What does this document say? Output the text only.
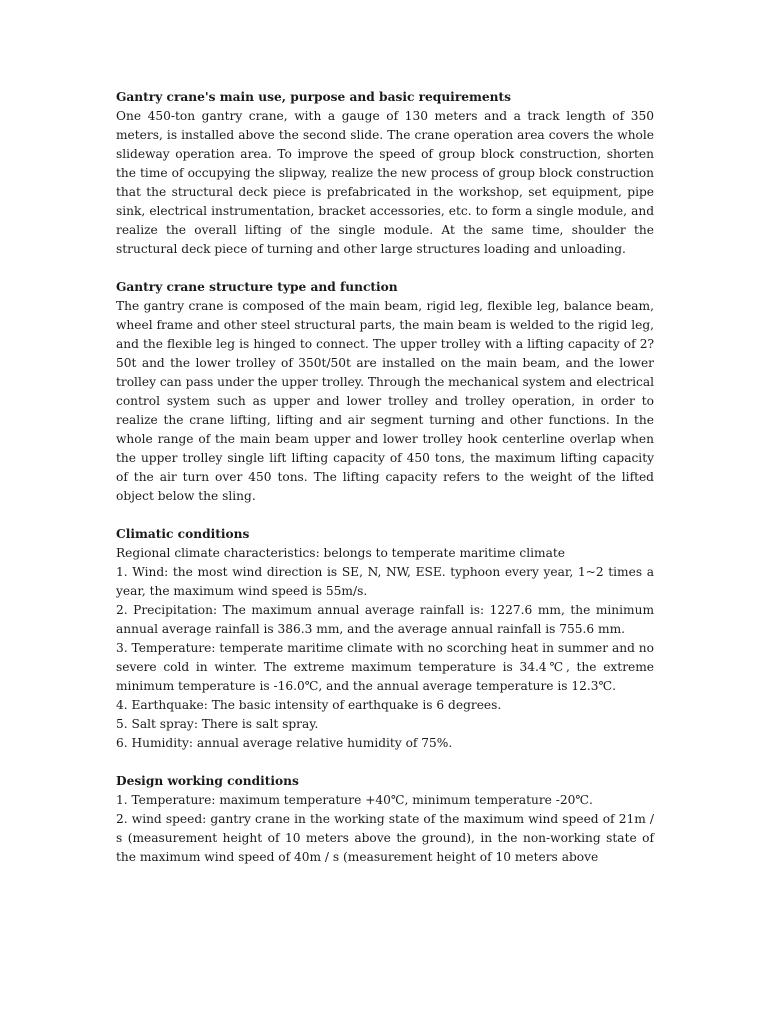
Gantry crane's main use, purpose and basic requirements

One 450-ton gantry crane, with a gauge of 130 meters and a track length of 350 meters, is installed above the second slide. The crane operation area covers the whole slideway operation area. To improve the speed of group block construction, shorten the time of occupying the slipway, realize the new process of group block construction that the structural deck piece is prefabricated in the workshop, set equipment, pipe sink, electrical instrumentation, bracket accessories, etc. to form a single module, and realize the overall lifting of the single module. At the same time, shoulder the structural deck piece of turning and other large structures loading and unloading.

Gantry crane structure type and function

The gantry crane is composed of the main beam, rigid leg, flexible leg, balance beam, wheel frame and other steel structural parts, the main beam is welded to the rigid leg, and the flexible leg is hinged to connect. The upper trolley with a lifting capacity of 2?50t and the lower trolley of 350t/50t are installed on the main beam, and the lower trolley can pass under the upper trolley. Through the mechanical system and electrical control system such as upper and lower trolley and trolley operation, in order to realize the crane lifting, lifting and air segment turning and other functions. In the whole range of the main beam upper and lower trolley hook centerline overlap when the upper trolley single lift lifting capacity of 450 tons, the maximum lifting capacity of the air turn over 450 tons. The lifting capacity refers to the weight of the lifted object below the sling.

Climatic conditions

Regional climate characteristics: belongs to temperate maritime climate

1. Wind: the most wind direction is SE, N, NW, ESE. typhoon every year, 1~2 times a year, the maximum wind speed is 55m/s.

2. Precipitation: The maximum annual average rainfall is: 1227.6 mm, the minimum annual average rainfall is 386.3 mm, and the average annual rainfall is 755.6 mm.

3. Temperature: temperate maritime climate with no scorching heat in summer and no severe cold in winter. The extreme maximum temperature is 34.4℃, the extreme minimum temperature is -16.0℃, and the annual average temperature is 12.3℃.

4. Earthquake: The basic intensity of earthquake is 6 degrees.

5. Salt spray: There is salt spray.

6. Humidity: annual average relative humidity of 75%.

Design working conditions

1. Temperature: maximum temperature +40℃, minimum temperature -20℃.

2. wind speed: gantry crane in the working state of the maximum wind speed of 21m / s (measurement height of 10 meters above the ground), in the non-working state of the maximum wind speed of 40m / s (measurement height of 10 meters above
